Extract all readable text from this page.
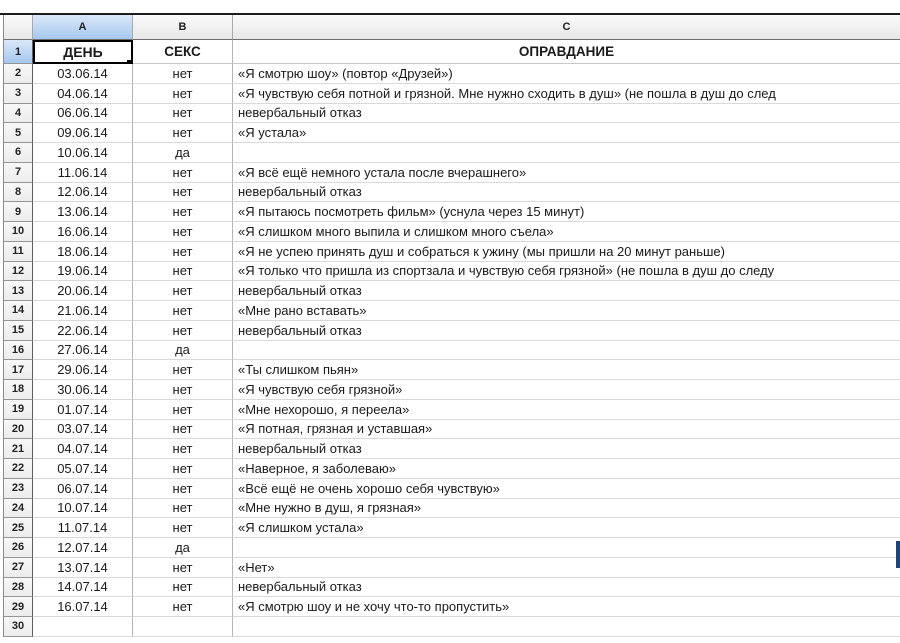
A	B	C
1	ДЕНЬ	СЕКС	ОПРАВДАНИЕ
2	03.06.14	нет	«Я смотрю шоу» (повтор «Друзей»)
3	04.06.14	нет	«Я чувствую себя потной и грязной. Мне нужно сходить в душ» (не пошла в душ до след
4	06.06.14	нет	невербальный отказ
5	09.06.14	нет	«Я устала»
6	10.06.14	да
7	11.06.14	нет	«Я всё ещё немного устала после вчерашнего»
8	12.06.14	нет	невербальный отказ
9	13.06.14	нет	«Я пытаюсь посмотреть фильм» (уснула через 15 минут)
10	16.06.14	нет	«Я слишком много выпила и слишком много съела»
11	18.06.14	нет	«Я не успею принять душ и собраться к ужину (мы пришли на 20 минут раньше)
12	19.06.14	нет	«Я только что пришла из спортзала и чувствую себя грязной» (не пошла в душ до следу
13	20.06.14	нет	невербальный отказ
14	21.06.14	нет	«Мне рано вставать»
15	22.06.14	нет	невербальный отказ
16	27.06.14	да
17	29.06.14	нет	«Ты слишком пьян»
18	30.06.14	нет	«Я чувствую себя грязной»
19	01.07.14	нет	«Мне нехорошо, я переела»
20	03.07.14	нет	«Я потная, грязная и уставшая»
21	04.07.14	нет	невербальный отказ
22	05.07.14	нет	«Наверное, я заболеваю»
23	06.07.14	нет	«Всё ещё не очень хорошо себя чувствую»
24	10.07.14	нет	«Мне нужно в душ, я грязная»
25	11.07.14	нет	«Я слишком устала»
26	12.07.14	да
27	13.07.14	нет	«Нет»
28	14.07.14	нет	невербальный отказ
29	16.07.14	нет	«Я смотрю шоу и не хочу что-то пропустить»
30
